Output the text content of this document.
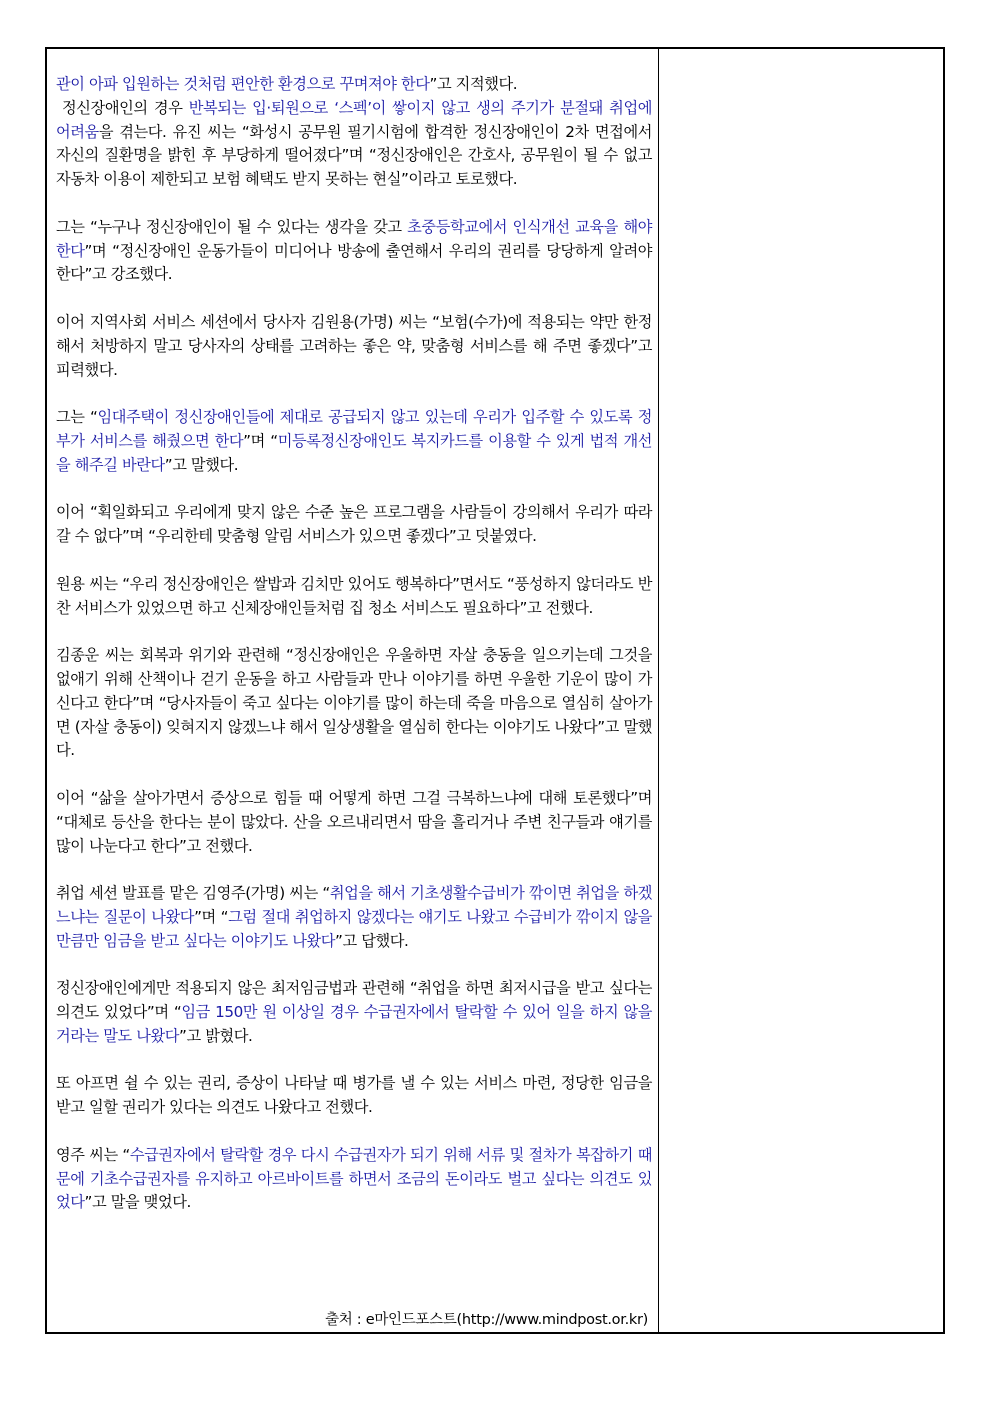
관이 아파 입원하는 것처럼 편안한 환경으로 꾸며져야 한다”고 지적했다.

정신장애인의 경우 반복되는 입·퇴원으로 ‘스펙’이 쌓이지 않고 생의 주기가 분절돼 취업에 어려움을 겪는다. 유진 씨는 “화성시 공무원 필기시험에 합격한 정신장애인이 2차 면접에서 자신의 질환명을 밝힌 후 부당하게 떨어졌다”며 “정신장애인은 간호사, 공무원이 될 수 없고 자동차 이용이 제한되고 보험 혜택도 받지 못하는 현실”이라고 토로했다.

그는 “누구나 정신장애인이 될 수 있다는 생각을 갖고 초중등학교에서 인식개선 교육을 해야 한다”며 “정신장애인 운동가들이 미디어나 방송에 출연해서 우리의 권리를 당당하게 알려야 한다”고 강조했다.

이어 지역사회 서비스 세션에서 당사자 김원용(가명) 씨는 “보험(수가)에 적용되는 약만 한정해서 처방하지 말고 당사자의 상태를 고려하는 좋은 약, 맞춤형 서비스를 해 주면 좋겠다”고 피력했다.

그는 “임대주택이 정신장애인들에 제대로 공급되지 않고 있는데 우리가 입주할 수 있도록 정부가 서비스를 해줬으면 한다”며 “미등록정신장애인도 복지카드를 이용할 수 있게 법적 개선을 해주길 바란다”고 말했다.

이어 “획일화되고 우리에게 맞지 않은 수준 높은 프로그램을 사람들이 강의해서 우리가 따라갈 수 없다”며 “우리한테 맞춤형 알림 서비스가 있으면 좋겠다”고 덧붙였다.

원용 씨는 “우리 정신장애인은 쌀밥과 김치만 있어도 행복하다”면서도 “풍성하지 않더라도 반찬 서비스가 있었으면 하고 신체장애인들처럼 집 청소 서비스도 필요하다”고 전했다.

김종운 씨는 회복과 위기와 관련해 “정신장애인은 우울하면 자살 충동을 일으키는데 그것을 없애기 위해 산책이나 걷기 운동을 하고 사람들과 만나 이야기를 하면 우울한 기운이 많이 가신다고 한다”며 “당사자들이 죽고 싶다는 이야기를 많이 하는데 죽을 마음으로 열심히 살아가면 (자살 충동이) 잊혀지지 않겠느냐 해서 일상생활을 열심히 한다는 이야기도 나왔다”고 말했다.

이어 “삶을 살아가면서 증상으로 힘들 때 어떻게 하면 그걸 극복하느냐에 대해 토론했다”며 “대체로 등산을 한다는 분이 많았다. 산을 오르내리면서 땀을 흘리거나 주변 친구들과 얘기를 많이 나눈다고 한다”고 전했다.

취업 세션 발표를 맡은 김영주(가명) 씨는 “취업을 해서 기초생활수급비가 깎이면 취업을 하겠느냐는 질문이 나왔다”며 “그럼 절대 취업하지 않겠다는 얘기도 나왔고 수급비가 깎이지 않을 만큼만 임금을 받고 싶다는 이야기도 나왔다”고 답했다.

정신장애인에게만 적용되지 않은 최저임금법과 관련해 “취업을 하면 최저시급을 받고 싶다는 의견도 있었다”며 “임금 150만 원 이상일 경우 수급권자에서 탈락할 수 있어 일을 하지 않을 거라는 말도 나왔다”고 밝혔다.

또 아프면 쉴 수 있는 권리, 증상이 나타날 때 병가를 낼 수 있는 서비스 마련, 정당한 임금을 받고 일할 권리가 있다는 의견도 나왔다고 전했다.

영주 씨는 “수급권자에서 탈락할 경우 다시 수급권자가 되기 위해 서류 및 절차가 복잡하기 때문에 기초수급권자를 유지하고 아르바이트를 하면서 조금의 돈이라도 벌고 싶다는 의견도 있었다”고 말을 맺었다.

출처 : e마인드포스트(http://www.mindpost.or.kr)
